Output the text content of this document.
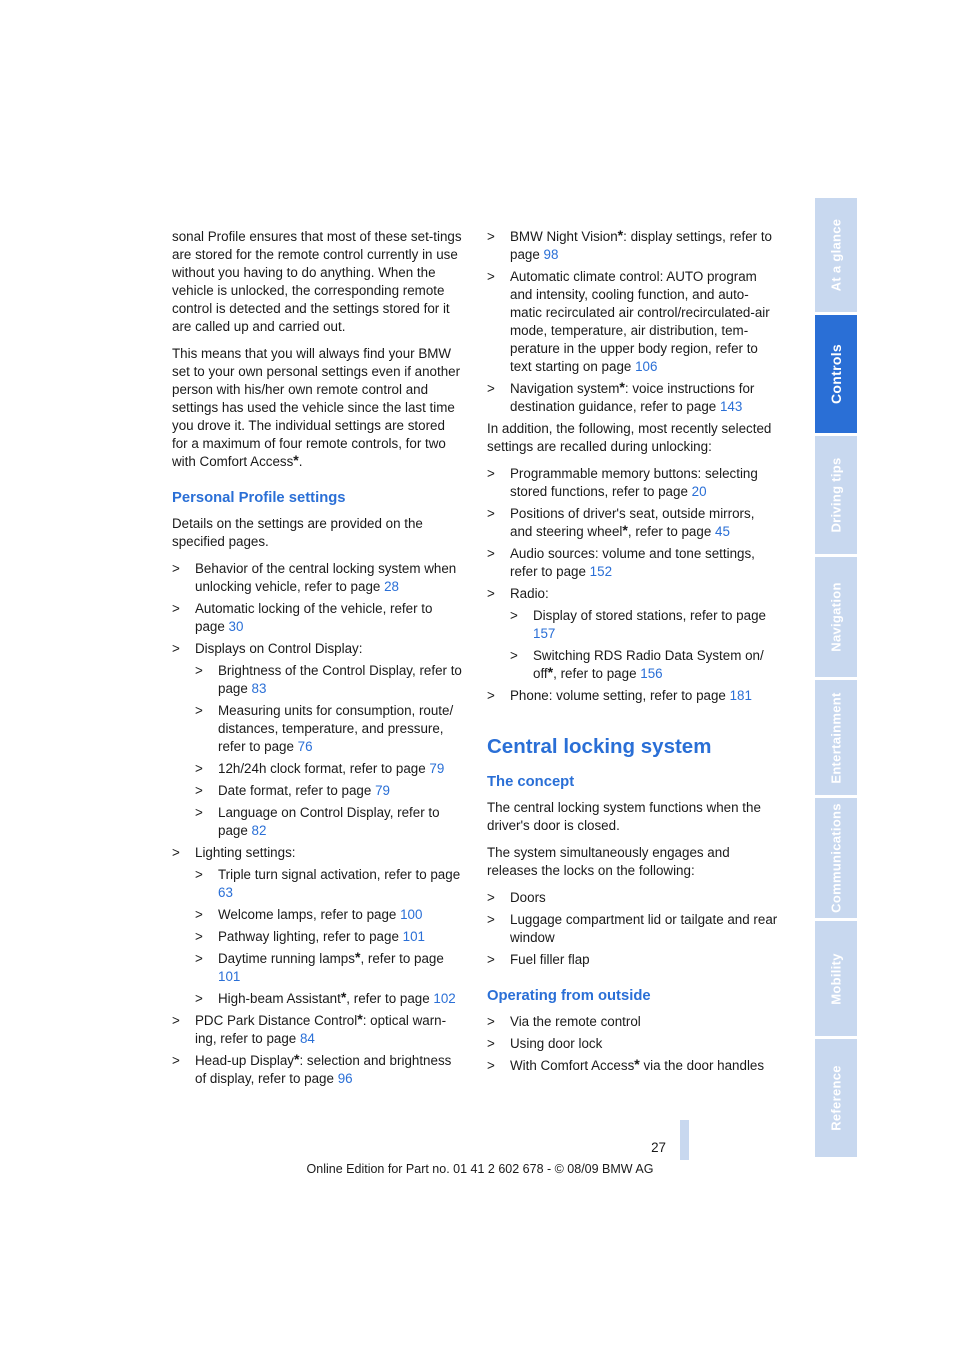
sonal Profile ensures that most of these set-tings are stored for the remote control currently in use without you having to do anything. When the vehicle is unlocked, the corresponding remote control is detected and the settings stored for it are called up and carried out.

This means that you will always find your BMW set to your own personal settings even if another person with his/her own remote control and settings has used the vehicle since the last time you drove it. The individual settings are stored for a maximum of four remote controls, for two with Comfort Access*.

Personal Profile settings

Details on the settings are provided on the specified pages.

> Behavior of the central locking system when unlocking vehicle, refer to page 28
> Automatic locking of the vehicle, refer to page 30
> Displays on Control Display:
> Brightness of the Control Display, refer to page 83
> Measuring units for consumption, route/ distances, temperature, and pressure, refer to page 76
> 12h/24h clock format, refer to page 79
> Date format, refer to page 79
> Language on Control Display, refer to page 82
> Lighting settings:
> Triple turn signal activation, refer to page 63
> Welcome lamps, refer to page 100
> Pathway lighting, refer to page 101
> Daytime running lamps*, refer to page 101
> High-beam Assistant*, refer to page 102
> PDC Park Distance Control*: optical warn-ing, refer to page 84
> Head-up Display*: selection and brightness of display, refer to page 96
> BMW Night Vision*: display settings, refer to page 98
> Automatic climate control: AUTO program and intensity, cooling function, and auto-matic recirculated air control/recirculated-air mode, temperature, air distribution, tem-perature in the upper body region, refer to text starting on page 106
> Navigation system*: voice instructions for destination guidance, refer to page 143

In addition, the following, most recently selected settings are recalled during unlocking:

> Programmable memory buttons: selecting stored functions, refer to page 20
> Positions of driver's seat, outside mirrors, and steering wheel*, refer to page 45
> Audio sources: volume and tone settings, refer to page 152
> Radio:
> Display of stored stations, refer to page 157
> Switching RDS Radio Data System on/ off*, refer to page 156
> Phone: volume setting, refer to page 181
Central locking system
The concept

The central locking system functions when the driver's door is closed.

The system simultaneously engages and releases the locks on the following:

> Doors
> Luggage compartment lid or tailgate and rear window
> Fuel filler flap
Operating from outside
> Via the remote control
> Using door lock
> With Comfort Access* via the door handles
At a glance
Controls
Driving tips
Navigation
Entertainment
Communications
Mobility
Reference
27
Online Edition for Part no. 01 41 2 602 678 - © 08/09 BMW AG
